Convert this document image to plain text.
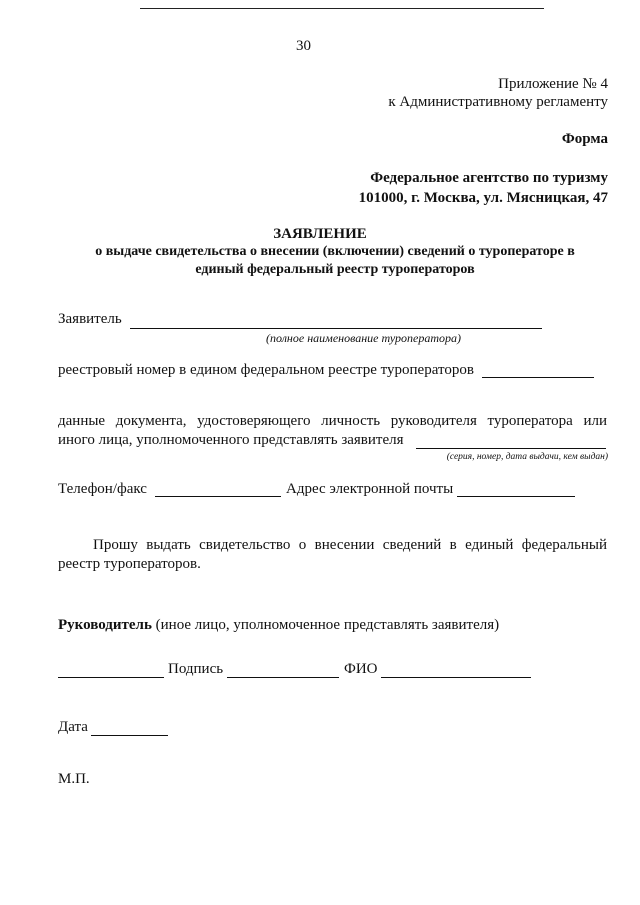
30
Приложение № 4
к Административному регламенту
Форма
Федеральное агентство по туризму
101000, г. Москва, ул. Мясницкая, 47
ЗАЯВЛЕНИЕ
о выдаче свидетельства о внесении (включении) сведений о туроператоре в
единый федеральный реестр туроператоров
Заявитель
(полное наименование туроператора)
реестровый номер в едином федеральном реестре туроператоров
данные документа, удостоверяющего личность руководителя туроператора или
иного лица, уполномоченного представлять заявителя
(серия, номер, дата выдачи, кем выдан)
Телефон/факс	Адрес электронной почты
Прошу выдать свидетельство о внесении сведений в единый федеральный
реестр туроператоров.
Руководитель (иное лицо, уполномоченное представлять заявителя)
Подпись	ФИО
Дата
М.П.
